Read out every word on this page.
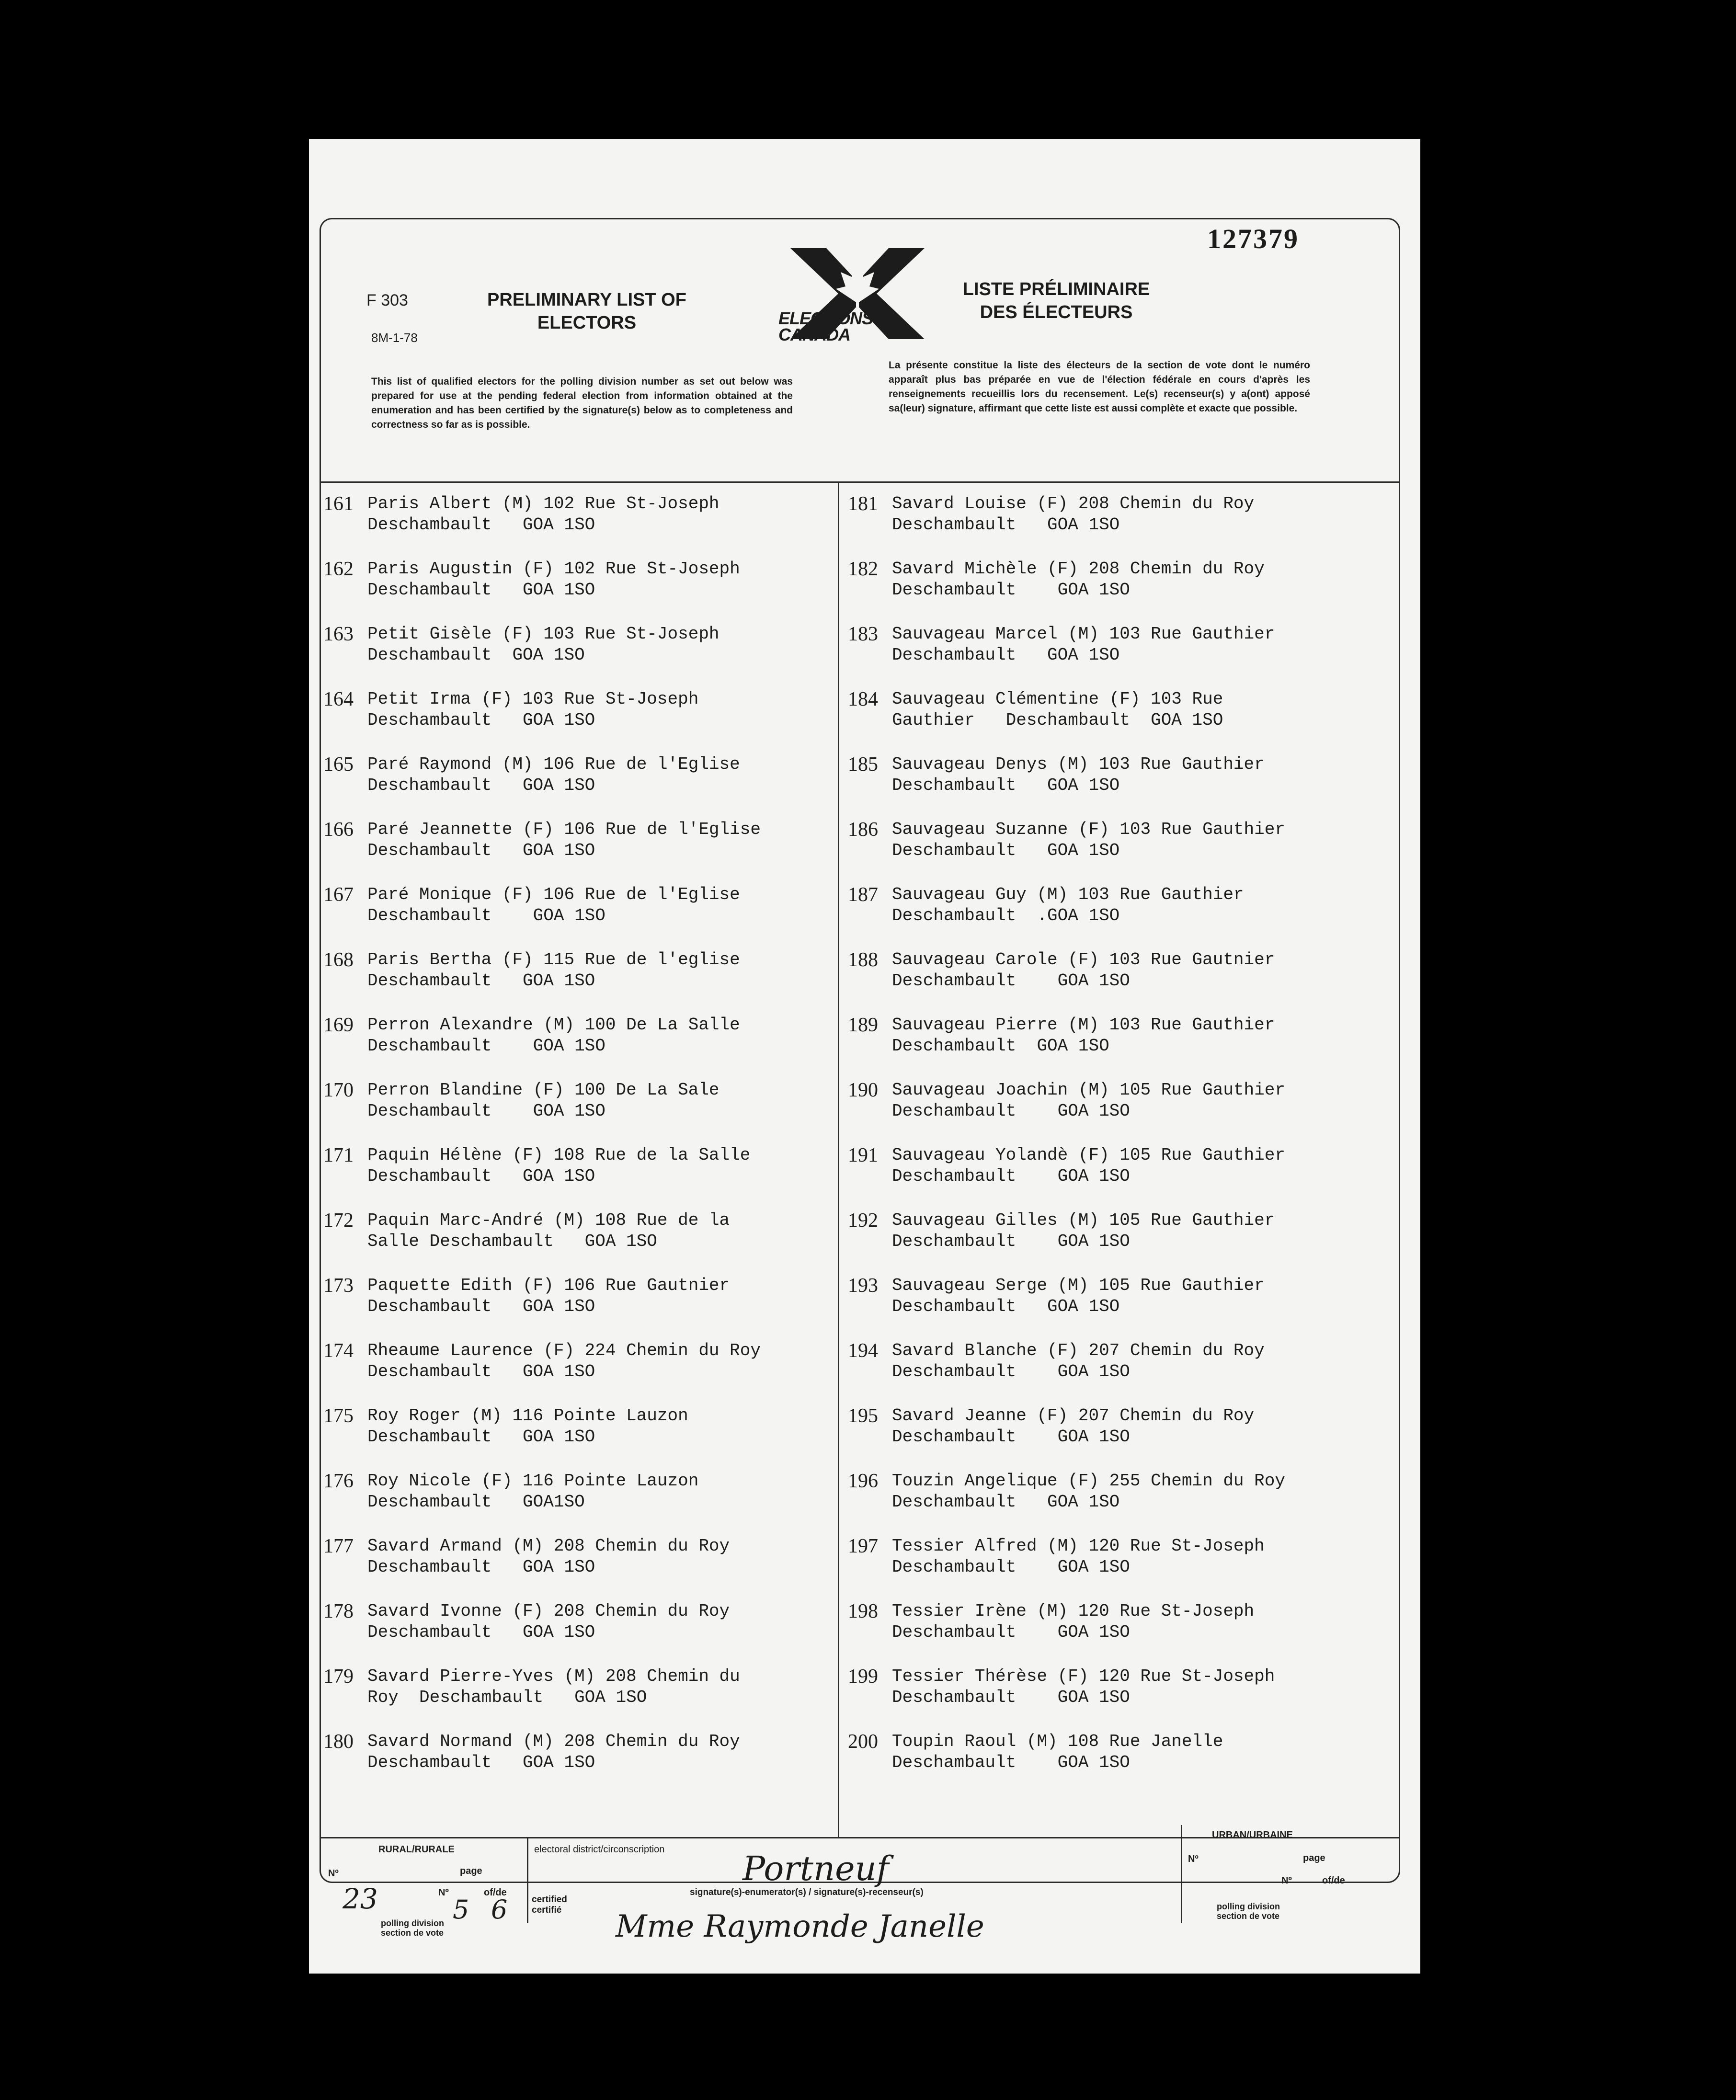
127379
F 303
8M-1-78
PRELIMINARY LIST OF ELECTORS
LISTE PRÉLIMINAIRE DES ÉLECTEURS
ELECTIONS CANADA
This list of qualified electors for the polling division number as set out below was prepared for use at the pending federal election from information obtained at the enumeration and has been certified by the signature(s) below as to completeness and correctness so far as is possible.
La présente constitue la liste des électeurs de la section de vote dont le numéro apparaît plus bas préparée en vue de l'élection fédérale en cours d'après les renseignements recueillis lors du recensement. Le(s) recenseur(s) y a(ont) apposé sa(leur) signature, affirmant que cette liste est aussi complète et exacte que possible.
161 Paris Albert (M) 102 Rue St-Joseph
Deschambault   GOA 1SO
162 Paris Augustin (F) 102 Rue St-Joseph
Deschambault   GOA 1SO
163 Petit Gisèle (F) 103 Rue St-Joseph
Deschambault  GOA 1SO
164 Petit Irma (F) 103 Rue St-Joseph
Deschambault   GOA 1SO
165 Paré Raymond (M) 106 Rue de l'Eglise
Deschambault   GOA 1SO
166 Paré Jeannette (F) 106 Rue de l'Eglise
Deschambault   GOA 1SO
167 Paré Monique (F) 106 Rue de l'Eglise
Deschambault    GOA 1SO
168 Paris Bertha (F) 115 Rue de l'eglise
Deschambault   GOA 1SO
169 Perron Alexandre (M) 100 De La Salle
Deschambault    GOA 1SO
170 Perron Blandine (F) 100 De La Sale
Deschambault    GOA 1SO
171 Paquin Hélène (F) 108 Rue de la Salle
Deschambault   GOA 1SO
172 Paquin Marc-André (M) 108 Rue de la
Salle Deschambault   GOA 1SO
173 Paquette Edith (F) 106 Rue Gautnier
Deschambault   GOA 1SO
174 Rheaume Laurence (F) 224 Chemin du Roy
Deschambault   GOA 1SO
175 Roy Roger (M) 116 Pointe Lauzon
Deschambault   GOA 1SO
176 Roy Nicole (F) 116 Pointe Lauzon
Deschambault   GOA1SO
177 Savard Armand (M) 208 Chemin du Roy
Deschambault   GOA 1SO
178 Savard Ivonne (F) 208 Chemin du Roy
Deschambault   GOA 1SO
179 Savard Pierre-Yves (M) 208 Chemin du
Roy  Deschambault   GOA 1SO
180 Savard Normand (M) 208 Chemin du Roy
Deschambault   GOA 1SO
181 Savard Louise (F) 208 Chemin du Roy
Deschambault   GOA 1SO
182 Savard Michèle (F) 208 Chemin du Roy
Deschambault    GOA 1SO
183 Sauvageau Marcel (M) 103 Rue Gauthier
Deschambault   GOA 1SO
184 Sauvageau Clémentine (F) 103 Rue
Gauthier   Deschambault  GOA 1SO
185 Sauvageau Denys (M) 103 Rue Gauthier
Deschambault   GOA 1SO
186 Sauvageau Suzanne (F) 103 Rue Gauthier
Deschambault   GOA 1SO
187 Sauvageau Guy (M) 103 Rue Gauthier
Deschambault  .GOA 1SO
188 Sauvageau Carole (F) 103 Rue Gautnier
Deschambault    GOA 1SO
189 Sauvageau Pierre (M) 103 Rue Gauthier
Deschambault  GOA 1SO
190 Sauvageau Joachin (M) 105 Rue Gauthier
Deschambault    GOA 1SO
191 Sauvageau Yolandè (F) 105 Rue Gauthier
Deschambault    GOA 1SO
192 Sauvageau Gilles (M) 105 Rue Gauthier
Deschambault    GOA 1SO
193 Sauvageau Serge (M) 105 Rue Gauthier
Deschambault   GOA 1SO
194 Savard Blanche (F) 207 Chemin du Roy
Deschambault    GOA 1SO
195 Savard Jeanne (F) 207 Chemin du Roy
Deschambault    GOA 1SO
196 Touzin Angelique (F) 255 Chemin du Roy
Deschambault   GOA 1SO
197 Tessier Alfred (M) 120 Rue St-Joseph
Deschambault    GOA 1SO
198 Tessier Irène (M) 120 Rue St-Joseph
Deschambault    GOA 1SO
199 Tessier Thérèse (F) 120 Rue St-Joseph
Deschambault    GOA 1SO
200 Toupin Raoul (M) 108 Rue Janelle
Deschambault    GOA 1SO
RURAL/RURALE
Nº	page
Nº	of/de
23	5 6
polling division section de vote
electoral district/circonscription Portneuf
certified certifié
signature(s)-enumerator(s) / signature(s)-recenseur(s)
Mme Raymonde Janelle
URBAN/URBAINE
Nº	page
Nº	of/de
polling division section de vote
